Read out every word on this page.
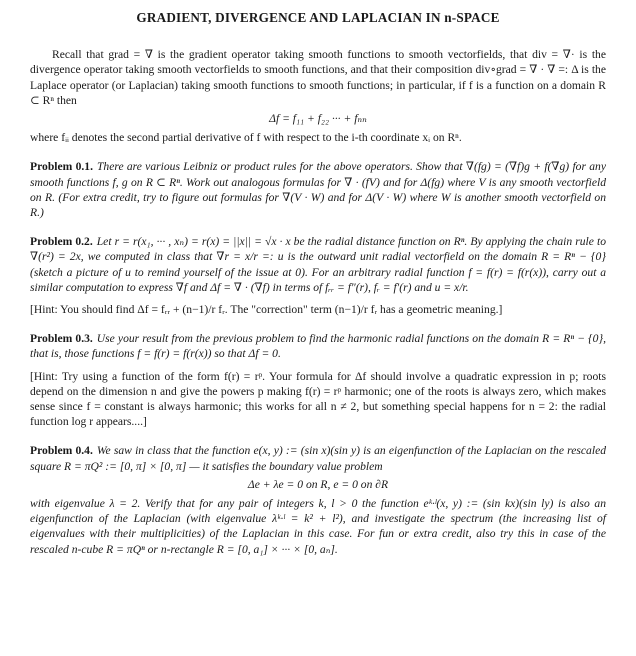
GRADIENT, DIVERGENCE AND LAPLACIAN IN n-SPACE

Recall that grad = ∇ is the gradient operator taking smooth functions to smooth vectorfields, that div = ∇· is the divergence operator taking smooth vectorfields to smooth functions, and that their composition div∘grad = ∇ · ∇ =: Δ is the Laplace operator (or Laplacian) taking smooth functions to smooth functions; in particular, if f is a function on a domain R ⊂ Rⁿ then

Δf = f₁₁ + f₂₂ ··· + fₙₙ

where fᵢᵢ denotes the second partial derivative of f with respect to the i-th coordinate xᵢ on Rⁿ.

Problem 0.1. There are various Leibniz or product rules for the above operators. Show that ∇(fg) = (∇f)g + f(∇g) for any smooth functions f, g on R ⊂ Rⁿ. Work out analogous formulas for ∇ · (fV) and for Δ(fg) where V is any smooth vectorfield on R. (For extra credit, try to figure out formulas for ∇(V · W) and for Δ(V · W) where W is another smooth vectorfield on R.)

Problem 0.2. Let r = r(x₁, ··· , xₙ) = r(x) = ||x|| = √x · x be the radial distance function on Rⁿ. By applying the chain rule to ∇(r²) = 2x, we computed in class that ∇r = x/r =: u is the outward unit radial vectorfield on the domain R = Rⁿ − {0} (sketch a picture of u to remind yourself of the issue at 0). For an arbitrary radial function f = f(r) = f(r(x)), carry out a similar computation to express ∇f and Δf = ∇ · (∇f) in terms of fᵣᵣ = f″(r), fᵣ = f′(r) and u = x/r.

[Hint: You should find Δf = fᵣᵣ + (n−1)/r fᵣ. The "correction" term (n−1)/r fᵣ has a geometric meaning.]

Problem 0.3. Use your result from the previous problem to find the harmonic radial functions on the domain R = Rⁿ − {0}, that is, those functions f = f(r) = f(r(x)) so that Δf = 0.

[Hint: Try using a function of the form f(r) = rᵖ. Your formula for Δf should involve a quadratic expression in p; roots depend on the dimension n and give the powers p making f(r) = rᵖ harmonic; one of the roots is always zero, which makes sense since f = constant is always harmonic; this works for all n ≠ 2, but something special happens for n = 2: the radial function log r appears....]

Problem 0.4. We saw in class that the function e(x, y) := (sin x)(sin y) is an eigenfunction of the Laplacian on the rescaled square R = πQ² := [0, π] × [0, π] — it satisfies the boundary value problem

Δe + λe = 0 on R, e = 0 on ∂R

with eigenvalue λ = 2. Verify that for any pair of integers k, l > 0 the function eᵏ·ˡ(x, y) := (sin kx)(sin ly) is also an eigenfunction of the Laplacian (with eigenvalue λᵏ·ˡ = k² + l²), and investigate the spectrum (the increasing list of eigenvalues with their multiplicities) of the Laplacian in this case. For fun or extra credit, also try this in case of the rescaled n-cube R = πQⁿ or n-rectangle R = [0, a₁] × ··· × [0, aₙ].
